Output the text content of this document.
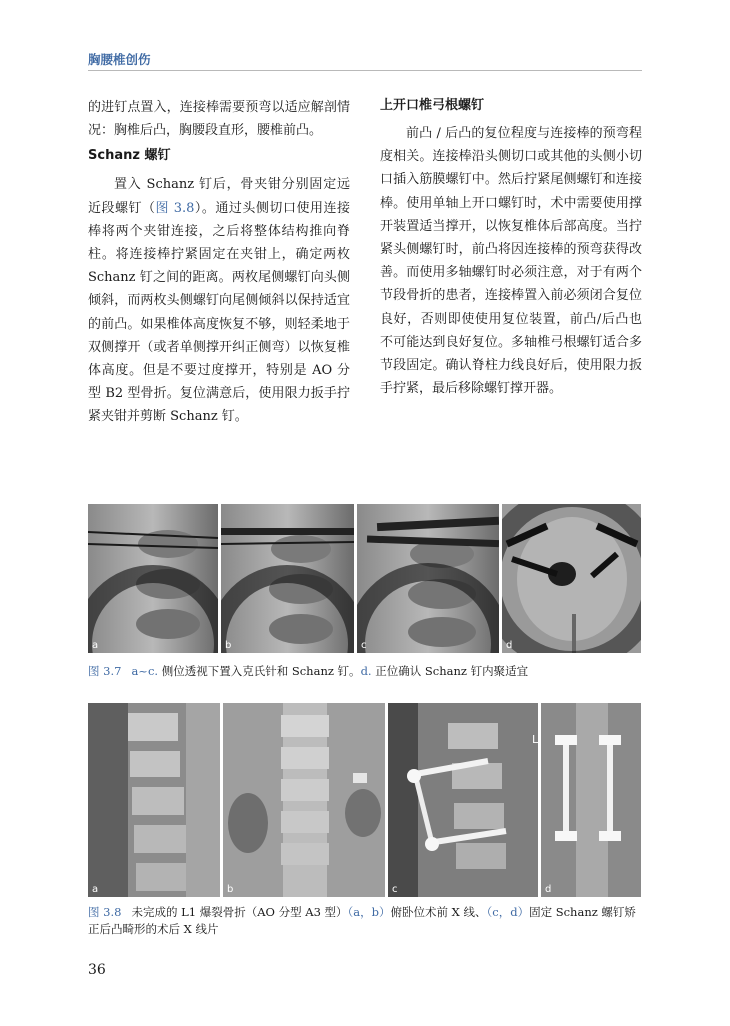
胸腰椎创伤

的进钉点置入，连接棒需要预弯以适应解剖情况：胸椎后凸，胸腰段直形，腰椎前凸。

Schanz 螺钉

置入 Schanz 钉后，骨夹钳分别固定远近段螺钉（图 3.8）。通过头侧切口使用连接棒将两个夹钳连接，之后将整体结构推向脊柱。将连接棒拧紧固定在夹钳上，确定两枚 Schanz 钉之间的距离。两枚尾侧螺钉向头侧倾斜，而两枚头侧螺钉向尾侧倾斜以保持适宜的前凸。如果椎体高度恢复不够，则轻柔地于双侧撑开（或者单侧撑开纠正侧弯）以恢复椎体高度。但是不要过度撑开，特别是 AO 分型 B2 型骨折。复位满意后，使用限力扳手拧紧夹钳并剪断 Schanz 钉。

上开口椎弓根螺钉

前凸 / 后凸的复位程度与连接棒的预弯程度相关。连接棒沿头侧切口或其他的头侧小切口插入筋膜螺钉中。然后拧紧尾侧螺钉和连接棒。使用单轴上开口螺钉时，术中需要使用撑开装置适当撑开，以恢复椎体后部高度。当拧紧头侧螺钉时，前凸将因连接棒的预弯获得改善。而使用多轴螺钉时必须注意，对于有两个节段骨折的患者，连接棒置入前必须闭合复位良好，否则即使使用复位装置，前凸/后凸也不可能达到良好复位。多轴椎弓根螺钉适合多节段固定。确认脊柱力线良好后，使用限力扳手拧紧，最后移除螺钉撑开器。

a	b	c	d
图 3.7 a~c. 侧位透视下置入克氏针和 Schanz 钉。d. 正位确认 Schanz 钉内聚适宜
a	b	c
L
d
图 3.8 未完成的 L1 爆裂骨折（AO 分型 A3 型）（a，b）俯卧位术前 X 线、（c，d）固定 Schanz 螺钉矫正后凸畸形的术后 X 线片
36
